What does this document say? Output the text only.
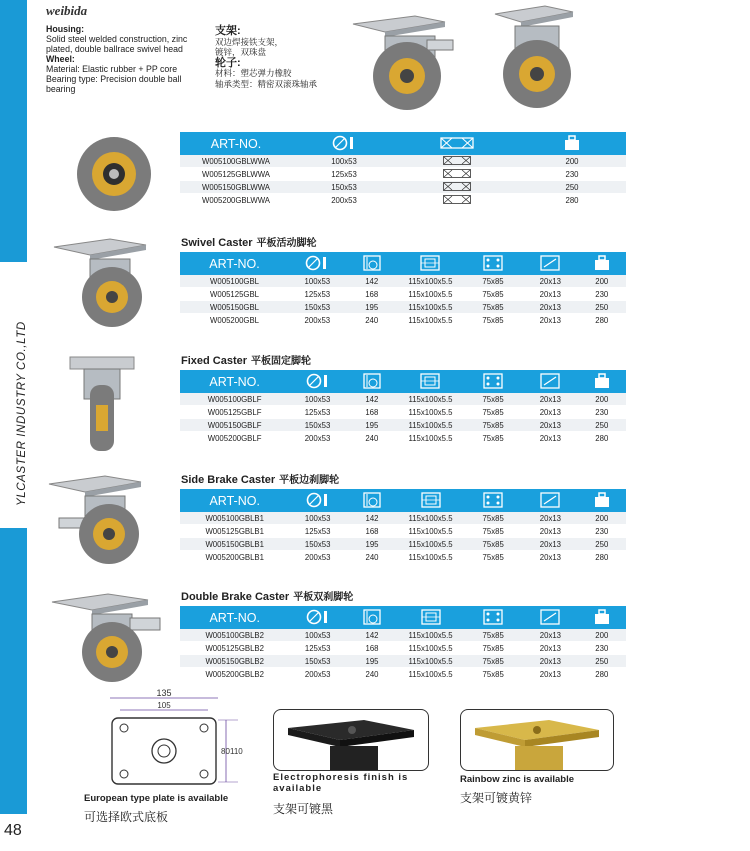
YLCASTER INDUSTRY CO.,LTD
48
weibida
Housing:
Solid steel welded construction, zinc plated, double ballrace swivel head
Wheel:
Material: Elastic rubber + PP core
Bearing type: Precision double ball bearing
支架:
双边焊接铁支架，
镀锌，双珠盘
轮子:
材料：塑芯弹力橡胶
轴承类型：精密双滚珠轴承
ART-NO.			
W005100GBLWWA	100x53		200
W005125GBLWWA	125x53		230
W005150GBLWWA	150x53		250
W005200GBLWWA	200x53		280
Swivel Caster 平板活动脚轮
Fixed Caster 平板固定脚轮
Side Brake Caster 平板边刹脚轮
Double Brake Caster 平板双刹脚轮
ART-NO.						
W005100GBL	100x53	142	115x100x5.5	75x85	20x13	200
W005125GBL	125x53	168	115x100x5.5	75x85	20x13	230
W005150GBL	150x53	195	115x100x5.5	75x85	20x13	250
W005200GBL	200x53	240	115x100x5.5	75x85	20x13	280
ART-NO.						
W005100GBLF	100x53	142	115x100x5.5	75x85	20x13	200
W005125GBLF	125x53	168	115x100x5.5	75x85	20x13	230
W005150GBLF	150x53	195	115x100x5.5	75x85	20x13	250
W005200GBLF	200x53	240	115x100x5.5	75x85	20x13	280
ART-NO.						
W005100GBLB1	100x53	142	115x100x5.5	75x85	20x13	200
W005125GBLB1	125x53	168	115x100x5.5	75x85	20x13	230
W005150GBLB1	150x53	195	115x100x5.5	75x85	20x13	250
W005200GBLB1	200x53	240	115x100x5.5	75x85	20x13	280
ART-NO.						
W005100GBLB2	100x53	142	115x100x5.5	75x85	20x13	200
W005125GBLB2	125x53	168	115x100x5.5	75x85	20x13	230
W005150GBLB2	150x53	195	115x100x5.5	75x85	20x13	250
W005200GBLB2	200x53	240	115x100x5.5	75x85	20x13	280
135
105
80 110
European type plate is available
可选择欧式底板
Electrophoresis finish is available
支架可镀黑
Rainbow zinc is available
支架可镀黄锌
